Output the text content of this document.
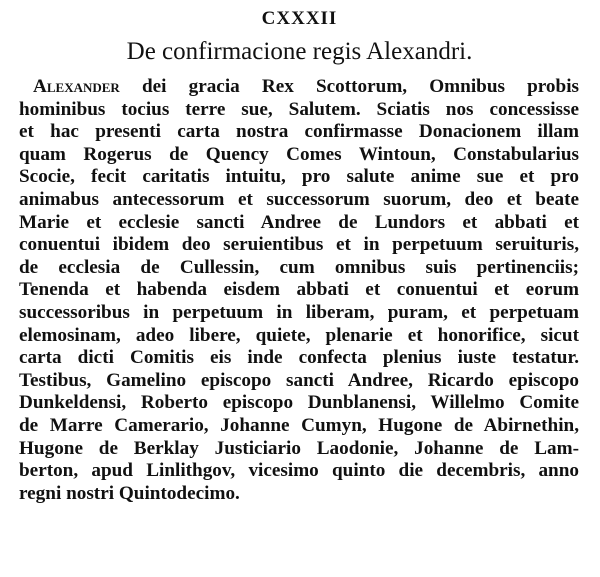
CXXXII
De confirmacione regis Alexandri.
Alexander dei gracia Rex Scottorum, Omnibus probis
hominibus tocius terre sue, Salutem. Sciatis nos concessisse
et hac presenti carta nostra confirmasse Donacionem illam
quam Rogerus de Quency Comes Wintoun, Constabularius
Scocie, fecit caritatis intuitu, pro salute anime sue et pro
animabus antecessorum et successorum suorum, deo et beate
Marie et ecclesie sancti Andree de Lundors et abbati et
conuentui ibidem deo seruientibus et in perpetuum seruituris,
de ecclesia de Cullessin, cum omnibus suis pertinenciis;
Tenenda et habenda eisdem abbati et conuentui et eorum
successoribus in perpetuum in liberam, puram, et perpetuam
elemosinam, adeo libere, quiete, plenarie et honorifice, sicut
carta dicti Comitis eis inde confecta plenius iuste testatur.
Testibus, Gamelino episcopo sancti Andree, Ricardo episcopo
Dunkeldensi, Roberto episcopo Dunblanensi, Willelmo Comite
de Marre Camerario, Johanne Cumyn, Hugone de Abirnethin,
Hugone de Berklay Justiciario Laodonie, Johanne de Lam-
berton, apud Linlithgov, vicesimo quinto die decembris, anno
regni nostri Quintodecimo.
